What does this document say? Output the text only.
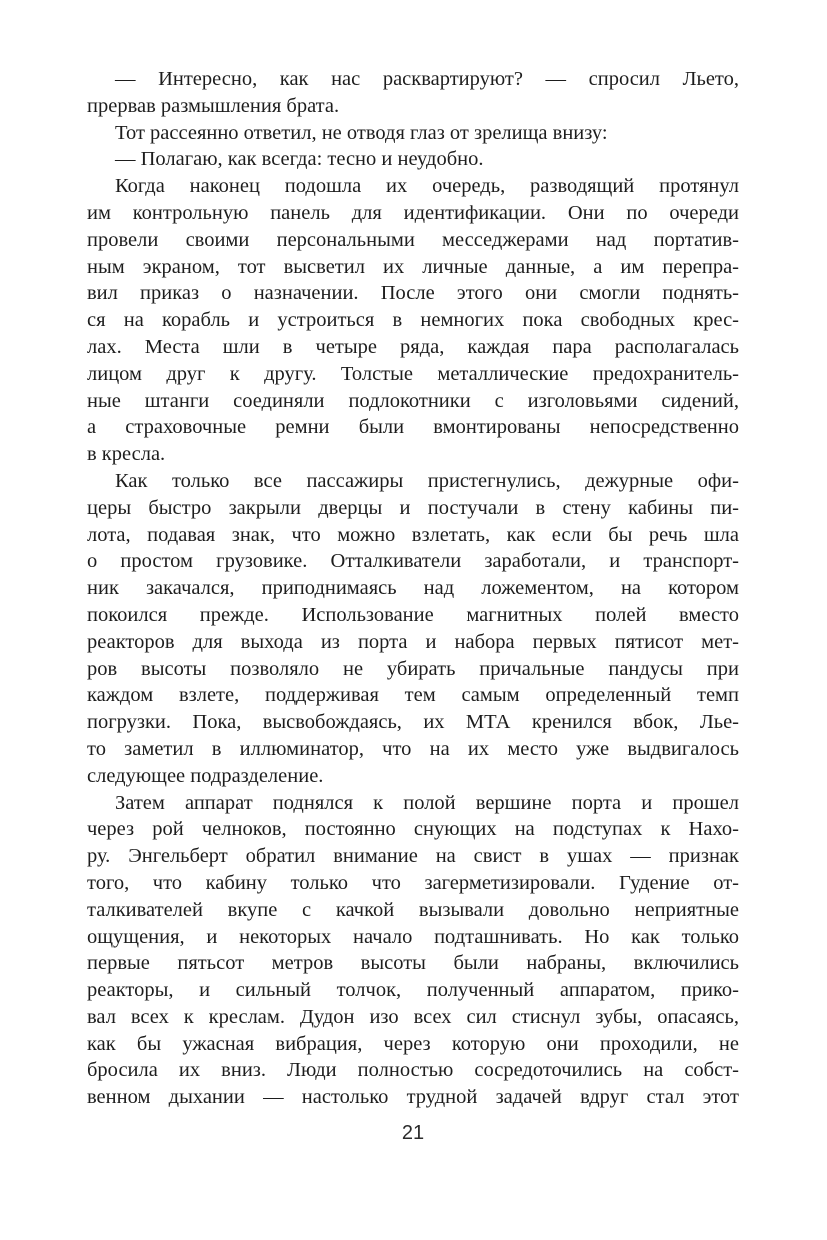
— Интересно, как нас расквартируют? — спросил Льето,
прервав размышления брата.
Тот рассеянно ответил, не отводя глаз от зрелища внизу:
— Полагаю, как всегда: тесно и неудобно.
Когда наконец подошла их очередь, разводящий протянул
им контрольную панель для идентификации. Они по очереди
провели своими персональными месседжерами над портатив-
ным экраном, тот высветил их личные данные, а им перепра-
вил приказ о назначении. После этого они смогли поднять-
ся на корабль и устроиться в немногих пока свободных крес-
лах. Места шли в четыре ряда, каждая пара располагалась
лицом друг к другу. Толстые металлические предохранитель-
ные штанги соединяли подлокотники с изголовьями сидений,
а страховочные ремни были вмонтированы непосредственно
в кресла.
Как только все пассажиры пристегнулись, дежурные офи-
церы быстро закрыли дверцы и постучали в стену кабины пи-
лота, подавая знак, что можно взлетать, как если бы речь шла
о простом грузовике. Отталкиватели заработали, и транспорт-
ник закачался, приподнимаясь над ложементом, на котором
покоился прежде. Использование магнитных полей вместо
реакторов для выхода из порта и набора первых пятисот мет-
ров высоты позволяло не убирать причальные пандусы при
каждом взлете, поддерживая тем самым определенный темп
погрузки. Пока, высвобождаясь, их МТА кренился вбок, Лье-
то заметил в иллюминатор, что на их место уже выдвигалось
следующее подразделение.
Затем аппарат поднялся к полой вершине порта и прошел
через рой челноков, постоянно снующих на подступах к Нахо-
ру. Энгельберт обратил внимание на свист в ушах — признак
того, что кабину только что загерметизировали. Гудение от-
талкивателей вкупе с качкой вызывали довольно неприятные
ощущения, и некоторых начало подташнивать. Но как только
первые пятьсот метров высоты были набраны, включились
реакторы, и сильный толчок, полученный аппаратом, прико-
вал всех к креслам. Дудон изо всех сил стиснул зубы, опасаясь,
как бы ужасная вибрация, через которую они проходили, не
бросила их вниз. Люди полностью сосредоточились на собст-
венном дыхании — настолько трудной задачей вдруг стал этот
21
